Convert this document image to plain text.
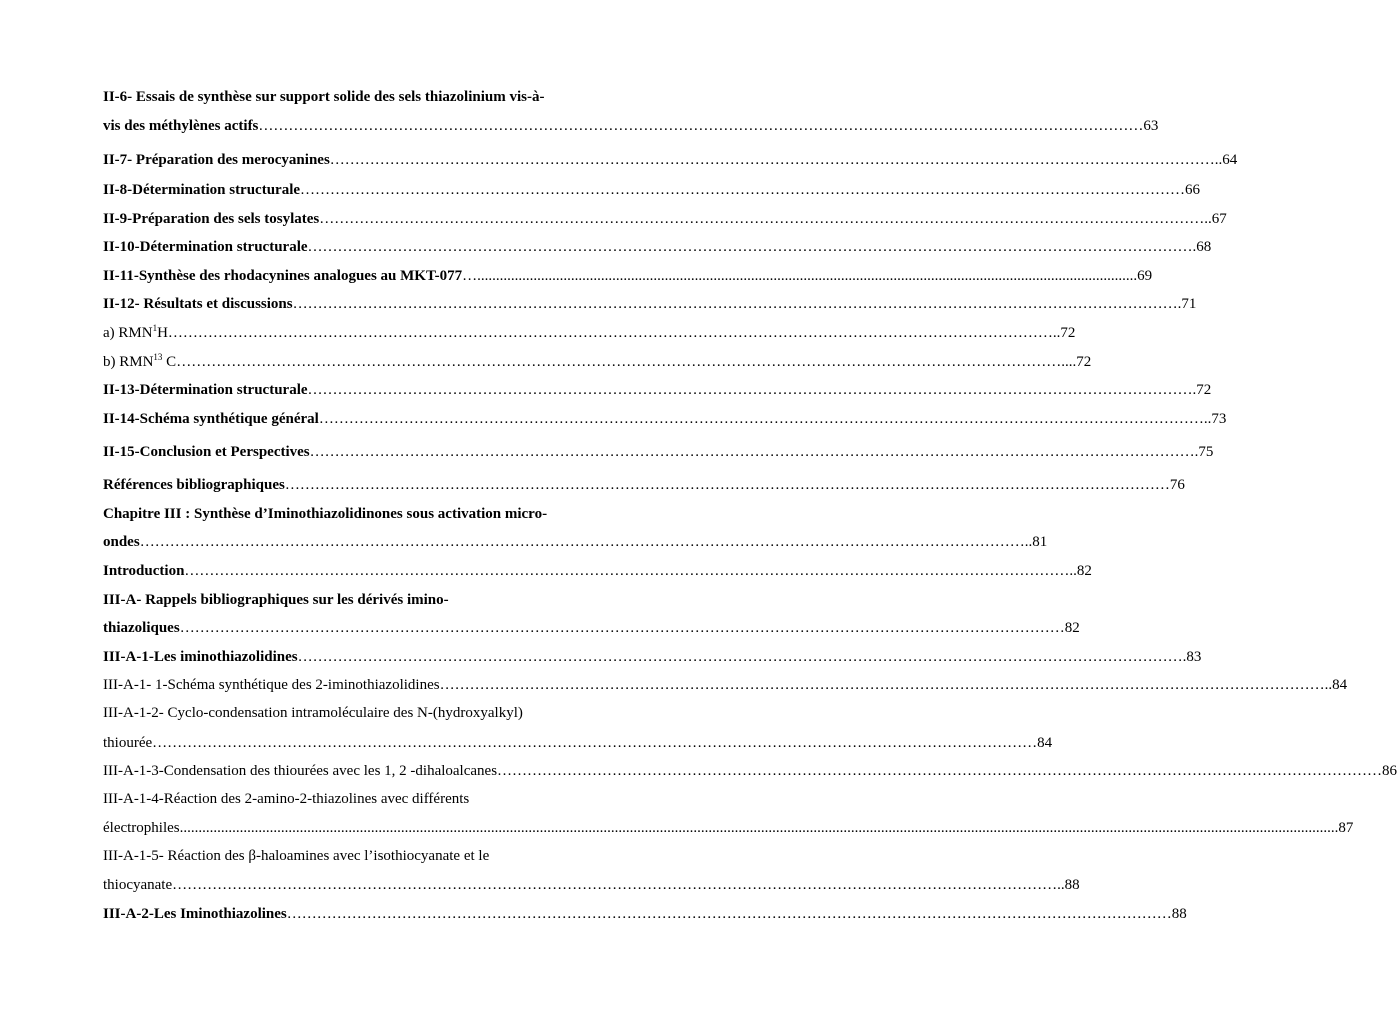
II-6- Essais de synthèse sur support solide des sels thiazolinium vis-à-
vis des méthylènes actifs …………………………………………………………………………………………………………………………………………………………… 63
II-7- Préparation des merocyanines …………………………………………………………………………………………………………………………………………………………… ..64
II-8-Détermination structurale …………………………………………………………………………………………………………………………………………………………… 66
II-9-Préparation des sels tosylates …………………………………………………………………………………………………………………………………………………………… ..67
II-10-Détermination structurale …………………………………………………………………………………………………………………………………………………………… .68
II-11-Synthèse des rhodacynines analogues au MKT-077 …................................................................................................................................................................................ 69
II-12- Résultats et discussions …………………………………………………………………………………………………………………………………………………………… .71
a) RMN$^1$H …………………………………………………………………………………………………………………………………………………………… ..72
b) RMN$^{13}$ C …………………………………………………………………………………………………………………………………………………………… ....72
II-13-Détermination structurale …………………………………………………………………………………………………………………………………………………………… .72
II-14-Schéma synthétique général …………………………………………………………………………………………………………………………………………………………… ..73
II-15-Conclusion et Perspectives …………………………………………………………………………………………………………………………………………………………… .75
Références bibliographiques …………………………………………………………………………………………………………………………………………………………… 76
Chapitre III : Synthèse d’Iminothiazolidinones sous activation micro-
ondes …………………………………………………………………………………………………………………………………………………………… ..81
Introduction …………………………………………………………………………………………………………………………………………………………… ..82
III-A- Rappels bibliographiques sur les dérivés imino-
thiazoliques …………………………………………………………………………………………………………………………………………………………… 82
III-A-1-Les iminothiazolidines …………………………………………………………………………………………………………………………………………………………… .83
III-A-1- 1-Schéma synthétique des 2-iminothiazolidines …………………………………………………………………………………………………………………………………………………………… ..84
III-A-1-2- Cyclo-condensation intramoléculaire des N-(hydroxyalkyl)
thiourée …………………………………………………………………………………………………………………………………………………………… 84
III-A-1-3-Condensation des thiourées avec les 1, 2 -dihaloalcanes …………………………………………………………………………………………………………………………………………………………… 86
III-A-1-4-Réaction des 2-amino-2-thiazolines avec différents
électrophiles .................................................................................................................................................................................................................................................................................................................... .87
III-A-1-5- Réaction des β-haloamines avec l’isothiocyanate et le
thiocyanate …………………………………………………………………………………………………………………………………………………………… ..88
III-A-2-Les Iminothiazolines …………………………………………………………………………………………………………………………………………………………… 88
